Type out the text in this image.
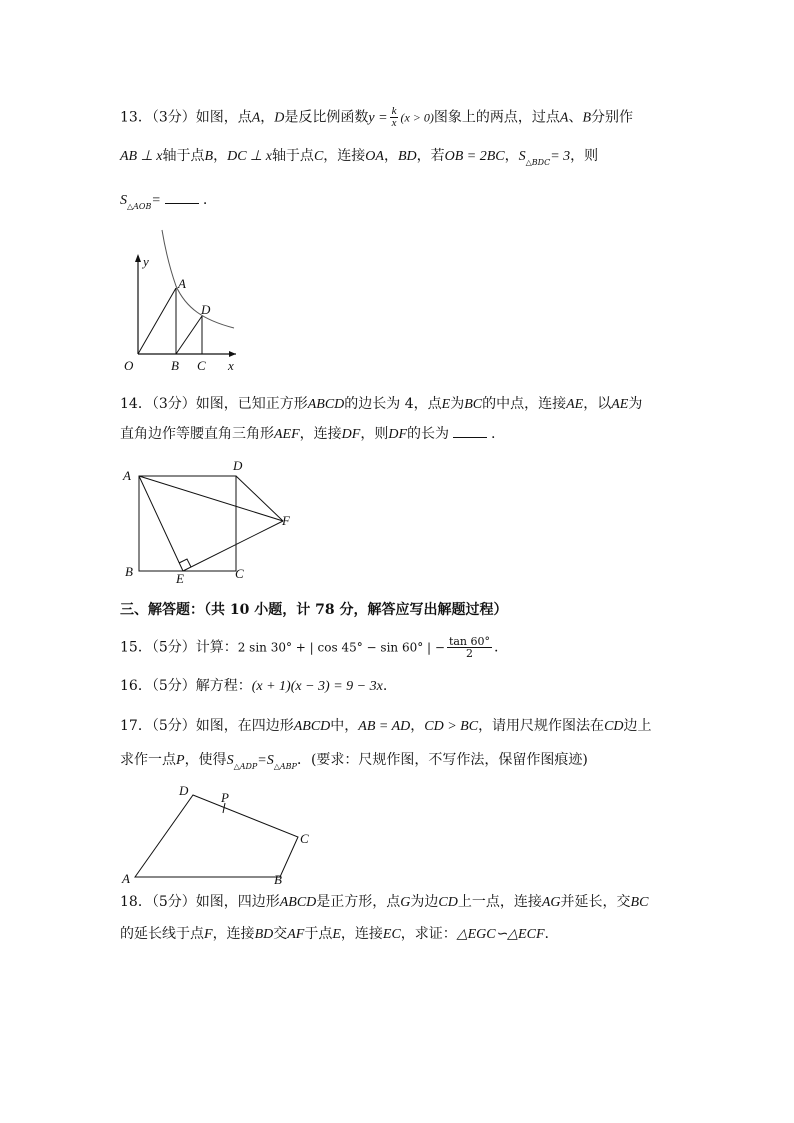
13．（3分）如图，点A，D是反比例函数$y = \frac{k}{x} (x > 0)$图象上的两点，过点A、B分别作
AB ⊥ x轴于点B，DC ⊥ x轴于点C，连接OA，BD，若OB = 2BC，$S_{\triangle BDC}= 3$，则
$S_{\triangle AOB}=$	.
y
A
D
O	B C x
14．（3分）如图，已知正方形ABCD的边长为 4，点E为BC的中点，连接AE，以AE为
直角边作等腰直角三角形AEF，连接DF，则DF的长为	.
A
D
F
B	E	C
三、解答题：（共 10 小题，计 78 分，解答应写出解题过程）
15．（5分）计算：2 sin 30° + | cos 45° − sin 60° | − $\frac{\tan 60^\circ}{2}$ .
16．（5分）解方程：(x + 1)(x − 3) = 9 − 3x.
17．（5分）如图，在四边形ABCD中，AB = AD，CD > BC，请用尺规作图法在CD边上
求作一点P，使得$S_{\triangle ADP}=S_{\triangle ABP}$．(要求：尺规作图，不写作法，保留作图痕迹)
D	P
C
A	B
18．（5分）如图，四边形ABCD是正方形，点G为边CD上一点，连接AG并延长，交BC
的延长线于点F，连接BD交AF于点E，连接EC，求证：△EGC∽△ECF.
